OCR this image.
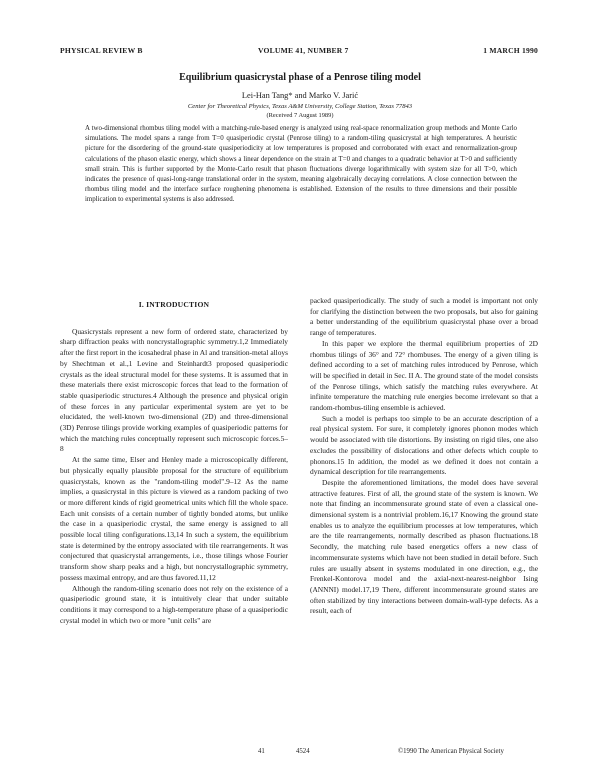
PHYSICAL REVIEW B	VOLUME 41, NUMBER 7	1 MARCH 1990
Equilibrium quasicrystal phase of a Penrose tiling model
Lei-Han Tang* and Marko V. Jarić
Center for Theoretical Physics, Texas A&M University, College Station, Texas 77843
(Received 7 August 1989)

A two-dimensional rhombus tiling model with a matching-rule-based energy is analyzed using real-space renormalization group methods and Monte Carlo simulations. The model spans a range from T=0 quasiperiodic crystal (Penrose tiling) to a random-tiling quasicrystal at high temperatures. A heuristic picture for the disordering of the ground-state quasiperiodicity at low temperatures is proposed and corroborated with exact and renormalization-group calculations of the phason elastic energy, which shows a linear dependence on the strain at T=0 and changes to a quadratic behavior at T>0 and sufficiently small strain. This is further supported by the Monte-Carlo result that phason fluctuations diverge logarithmically with system size for all T>0, which indicates the presence of quasi-long-range translational order in the system, meaning algebraically decaying correlations. A close connection between the rhombus tiling model and the interface surface roughening phenomena is established. Extension of the results to three dimensions and their possible implication to experimental systems is also addressed.

I. INTRODUCTION

Quasicrystals represent a new form of ordered state, characterized by sharp diffraction peaks with noncrystallographic symmetry.1,2 Immediately after the first report in the icosahedral phase in Al and transition-metal alloys by Shechtman et al.,1 Levine and Steinhardt3 proposed quasiperiodic crystals as the ideal structural model for these systems. It is assumed that in these materials there exist microscopic forces that lead to the formation of stable quasiperiodic structures.4 Although the presence and physical origin of these forces in any particular experimental system are yet to be elucidated, the well-known two-dimensional (2D) and three-dimensional (3D) Penrose tilings provide working examples of quasiperiodic patterns for which the matching rules conceptually represent such microscopic forces.5–8

At the same time, Elser and Henley made a microscopically different, but physically equally plausible proposal for the structure of equilibrium quasicrystals, known as the "random-tiling model".9–12 As the name implies, a quasicrystal in this picture is viewed as a random packing of two or more different kinds of rigid geometrical units which fill the whole space. Each unit consists of a certain number of tightly bonded atoms, but unlike the case in a quasiperiodic crystal, the same energy is assigned to all possible local tiling configurations.13,14 In such a system, the equilibrium state is determined by the entropy associated with tile rearrangements. It was conjectured that quasicrystal arrangements, i.e., those tilings whose Fourier transform show sharp peaks and a high, but noncrystallographic symmetry, possess maximal entropy, and are thus favored.11,12

Although the random-tiling scenario does not rely on the existence of a quasiperiodic ground state, it is intuitively clear that under suitable conditions it may correspond to a high-temperature phase of a quasiperiodic crystal model in which two or more "unit cells" are

packed quasiperiodically. The study of such a model is important not only for clarifying the distinction between the two proposals, but also for gaining a better understanding of the equilibrium quasicrystal phase over a broad range of temperatures.

In this paper we explore the thermal equilibrium properties of 2D rhombus tilings of 36° and 72° rhombuses. The energy of a given tiling is defined according to a set of matching rules introduced by Penrose, which will be specified in detail in Sec. II A. The ground state of the model consists of the Penrose tilings, which satisfy the matching rules everywhere. At infinite temperature the matching rule energies become irrelevant so that a random-rhombus-tiling ensemble is achieved.

Such a model is perhaps too simple to be an accurate description of a real physical system. For sure, it completely ignores phonon modes which would be associated with tile distortions. By insisting on rigid tiles, one also excludes the possibility of dislocations and other defects which couple to phonons.15 In addition, the model as we defined it does not contain a dynamical description for tile rearrangements.

Despite the aforementioned limitations, the model does have several attractive features. First of all, the ground state of the system is known. We note that finding an incommensurate ground state of even a classical one-dimensional system is a nontrivial problem.16,17 Knowing the ground state enables us to analyze the equilibrium processes at low temperatures, which are the tile rearrangements, normally described as phason fluctuations.18 Secondly, the matching rule based energetics offers a new class of incommensurate systems which have not been studied in detail before. Such rules are usually absent in systems modulated in one direction, e.g., the Frenkel-Kontorova model and the axial-next-nearest-neighbor Ising (ANNNI) model.17,19 There, different incommensurate ground states are often stabilized by tiny interactions between domain-wall-type defects. As a result, each of

41	4524	©1990 The American Physical Society
